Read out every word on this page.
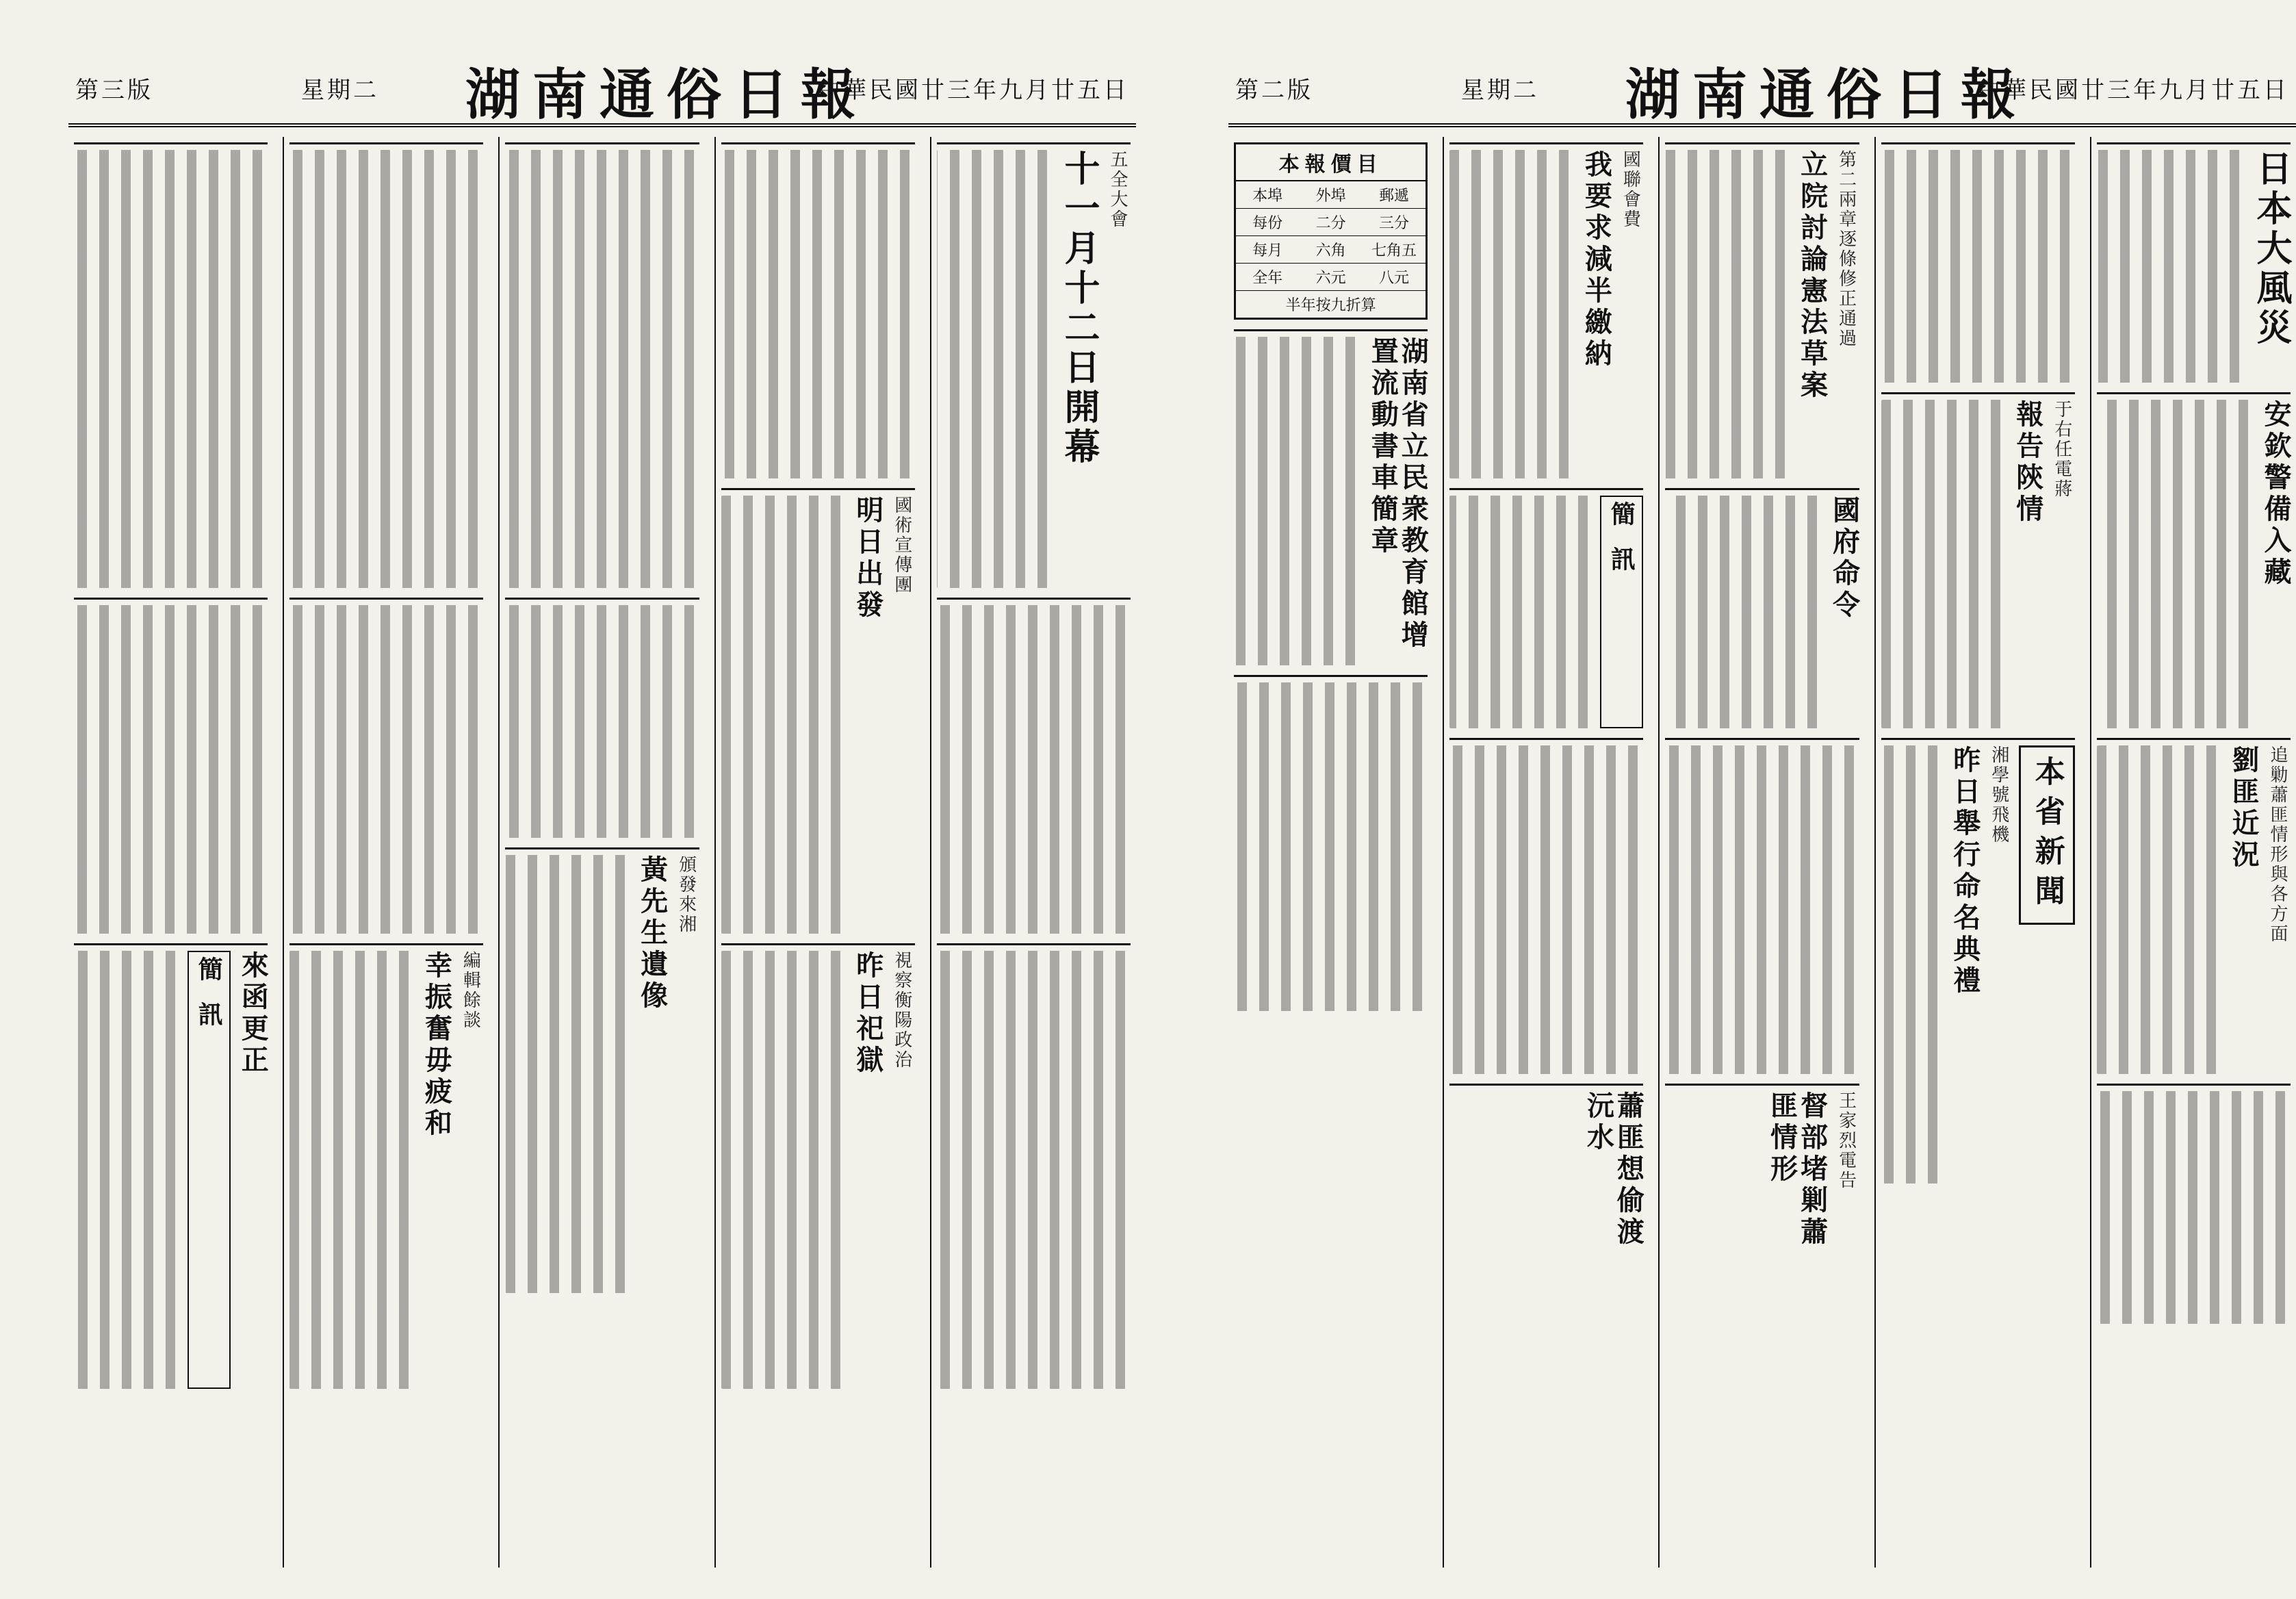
第三版	星期二 湖南通俗日報
中華民國廿三年九月廿五日
五全大會
十一月十二日開幕
國術宣傳團
明日出發
視察衡陽政治
昨日祀獄
頒發來湘
黃先生遺像
編輯餘談
幸振奮毋疲和
來函更正
簡訊
第二版	星期二 湖南通俗日報
中華民國廿三年九月廿五日
日本大風災
安欽警備入藏
追勦蕭匪情形與各方面
劉匪近況
于右任電蔣
報告陝情
本省新聞
湘學號飛機
昨日舉行命名典禮
第二兩章逐條修正通過
立院討論憲法草案
國府命令
王家烈電告
督部堵剿蕭匪情形
國聯會費
我要求減半繳納
簡訊
蕭匪想偷渡沅水
本報價目
本埠	外埠	郵遞
每份	二分	三分
每月	六角	七角五
全年	六元	八元
半年按九折算
湖南省立民衆教育館增置流動書車簡章
